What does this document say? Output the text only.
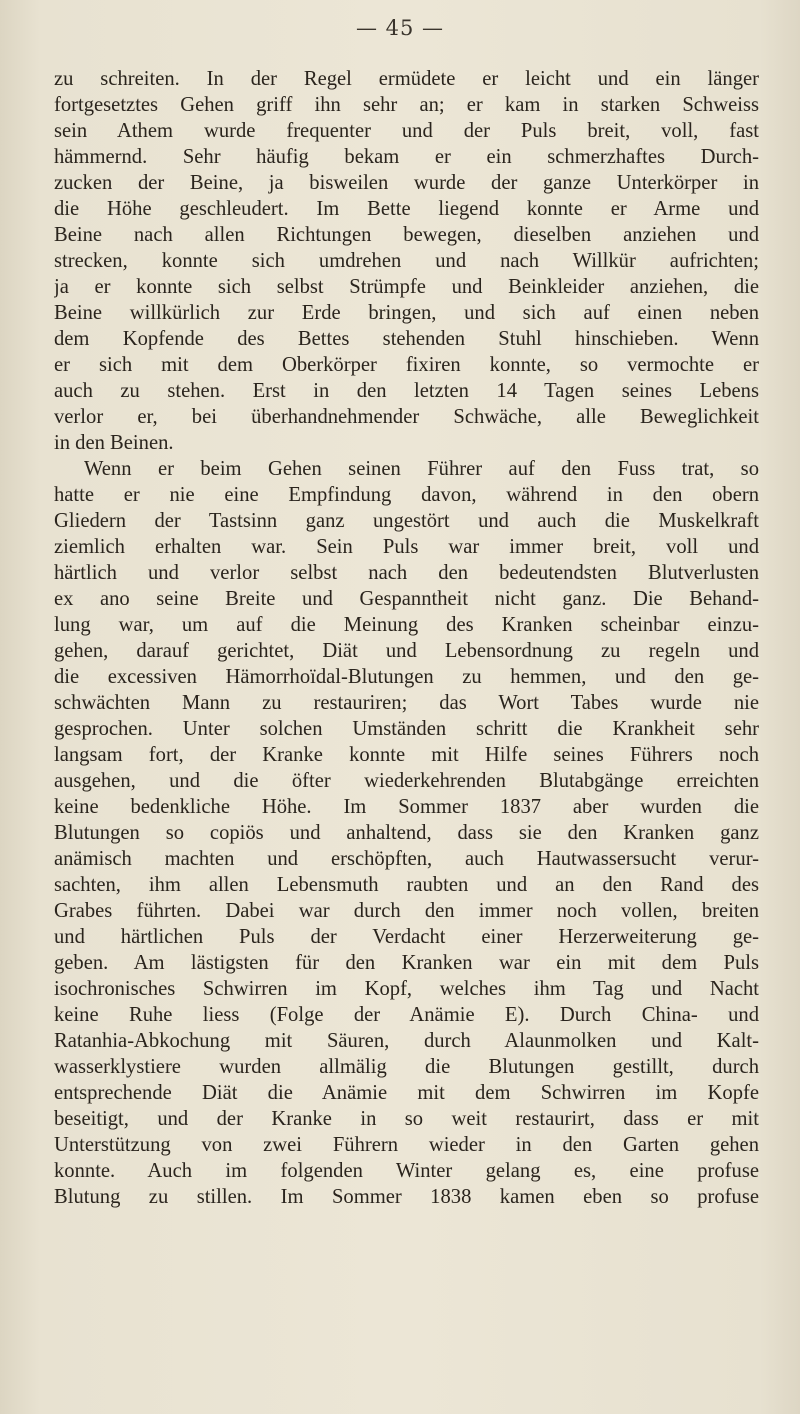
— 45 —
zu schreiten. In der Regel ermüdete er leicht und ein länger
fortgesetztes Gehen griff ihn sehr an; er kam in starken Schweiss
sein Athem wurde frequenter und der Puls breit, voll, fast
hämmernd. Sehr häufig bekam er ein schmerzhaftes Durch-
zucken der Beine, ja bisweilen wurde der ganze Unterkörper in
die Höhe geschleudert. Im Bette liegend konnte er Arme und
Beine nach allen Richtungen bewegen, dieselben anziehen und
strecken, konnte sich umdrehen und nach Willkür aufrichten;
ja er konnte sich selbst Strümpfe und Beinkleider anziehen, die
Beine willkürlich zur Erde bringen, und sich auf einen neben
dem Kopfende des Bettes stehenden Stuhl hinschieben. Wenn
er sich mit dem Oberkörper fixiren konnte, so vermochte er
auch zu stehen. Erst in den letzten 14 Tagen seines Lebens
verlor er, bei überhandnehmender Schwäche, alle Beweglichkeit
in den Beinen.
Wenn er beim Gehen seinen Führer auf den Fuss trat, so
hatte er nie eine Empfindung davon, während in den obern
Gliedern der Tastsinn ganz ungestört und auch die Muskelkraft
ziemlich erhalten war. Sein Puls war immer breit, voll und
härtlich und verlor selbst nach den bedeutendsten Blutverlusten
ex ano seine Breite und Gespanntheit nicht ganz. Die Behand-
lung war, um auf die Meinung des Kranken scheinbar einzu-
gehen, darauf gerichtet, Diät und Lebensordnung zu regeln und
die excessiven Hämorrhoïdal-Blutungen zu hemmen, und den ge-
schwächten Mann zu restauriren; das Wort Tabes wurde nie
gesprochen. Unter solchen Umständen schritt die Krankheit sehr
langsam fort, der Kranke konnte mit Hilfe seines Führers noch
ausgehen, und die öfter wiederkehrenden Blutabgänge erreichten
keine bedenkliche Höhe. Im Sommer 1837 aber wurden die
Blutungen so copiös und anhaltend, dass sie den Kranken ganz
anämisch machten und erschöpften, auch Hautwassersucht verur-
sachten, ihm allen Lebensmuth raubten und an den Rand des
Grabes führten. Dabei war durch den immer noch vollen, breiten
und härtlichen Puls der Verdacht einer Herzerweiterung ge-
geben. Am lästigsten für den Kranken war ein mit dem Puls
isochronisches Schwirren im Kopf, welches ihm Tag und Nacht
keine Ruhe liess (Folge der Anämie E). Durch China- und
Ratanhia-Abkochung mit Säuren, durch Alaunmolken und Kalt-
wasserklystiere wurden allmälig die Blutungen gestillt, durch
entsprechende Diät die Anämie mit dem Schwirren im Kopfe
beseitigt, und der Kranke in so weit restaurirt, dass er mit
Unterstützung von zwei Führern wieder in den Garten gehen
konnte. Auch im folgenden Winter gelang es, eine profuse
Blutung zu stillen. Im Sommer 1838 kamen eben so profuse
